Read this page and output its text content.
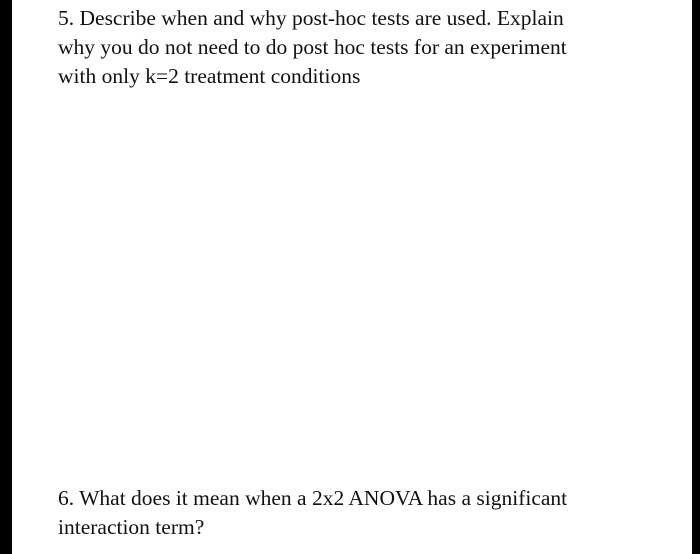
5. Describe when and why post-hoc tests are used. Explain
why you do not need to do post hoc tests for an experiment
with only k=2 treatment conditions

6. What does it mean when a 2x2 ANOVA has a significant
interaction term?
